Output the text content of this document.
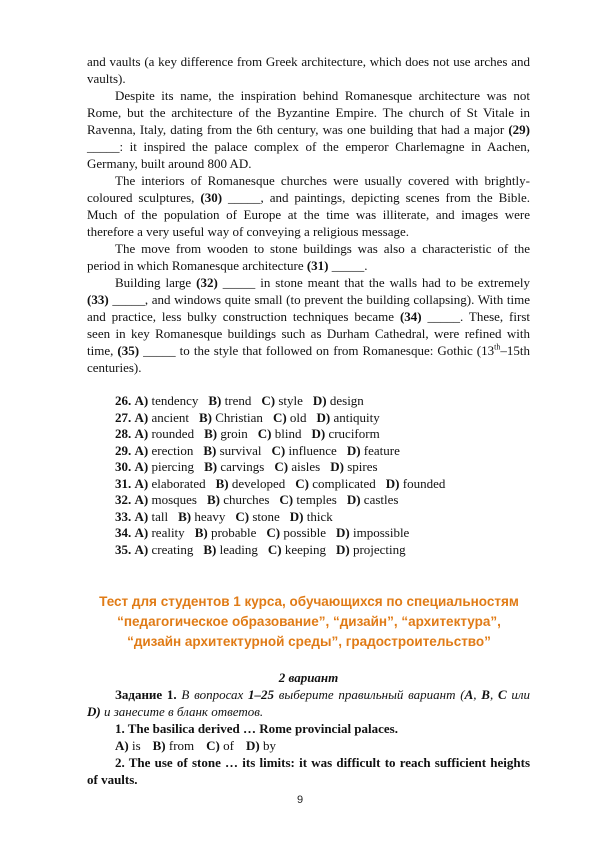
and vaults (a key difference from Greek architecture, which does not use arches and vaults).

Despite its name, the inspiration behind Romanesque architecture was not Rome, but the architecture of the Byzantine Empire. The church of St Vitale in Ravenna, Italy, dating from the 6th century, was one building that had a major (29) _____: it inspired the palace complex of the emperor Charlemagne in Aachen, Germany, built around 800 AD.

The interiors of Romanesque churches were usually covered with brightly-coloured sculptures, (30) _____, and paintings, depicting scenes from the Bible. Much of the population of Europe at the time was illiterate, and images were therefore a very useful way of conveying a religious message.

The move from wooden to stone buildings was also a characteristic of the period in which Romanesque architecture (31) _____.

Building large (32) _____ in stone meant that the walls had to be extremely (33) _____, and windows quite small (to prevent the building collapsing). With time and practice, less bulky construction techniques became (34) _____. These, first seen in key Romanesque buildings such as Durham Cathedral, were refined with time, (35) _____ to the style that followed on from Romanesque: Gothic (13th–15th centuries).

26. A) tendency B) trend C) style D) design
27. A) ancient B) Christian C) old D) antiquity
28. A) rounded B) groin C) blind D) cruciform
29. A) erection B) survival C) influence D) feature
30. A) piercing B) carvings C) aisles D) spires
31. A) elaborated B) developed C) complicated D) founded
32. A) mosques B) churches C) temples D) castles
33. A) tall B) heavy C) stone D) thick
34. A) reality B) probable C) possible D) impossible
35. A) creating B) leading C) keeping D) projecting
Тест для студентов 1 курса, обучающихся по специальностям
“педагогическое образование”, “дизайн”, “архитектура”,
“дизайн архитектурной среды”, градостроительство”
2 вариант

Задание 1. В вопросах 1–25 выберите правильный вариант (A, B, C или D) и занесите в бланк ответов.

1. The basilica derived … Rome provincial palaces.

A) is B) from C) of D) by

2. The use of stone … its limits: it was difficult to reach sufficient heights of vaults.

9
